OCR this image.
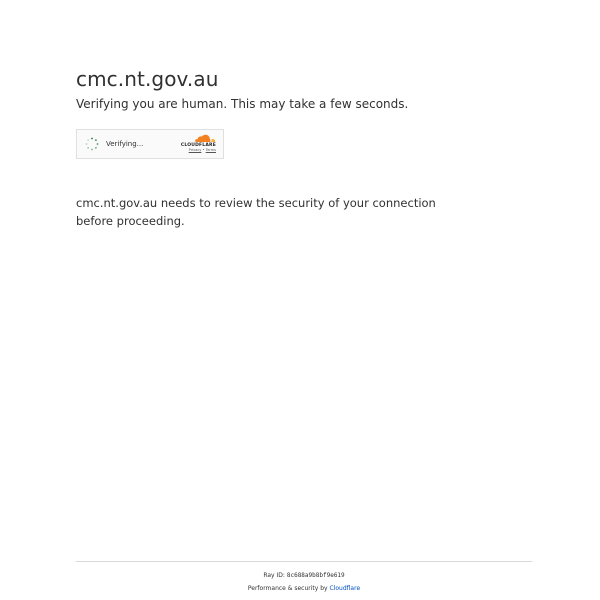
cmc.nt.gov.au

Verifying you are human. This may take a few seconds.

Verifying...	CLOUDFLARE
Privacy • Terms

cmc.nt.gov.au needs to review the security of your connection before proceeding.

Ray ID: 8c688a9b8bf9e619
Performance & security by Cloudflare
